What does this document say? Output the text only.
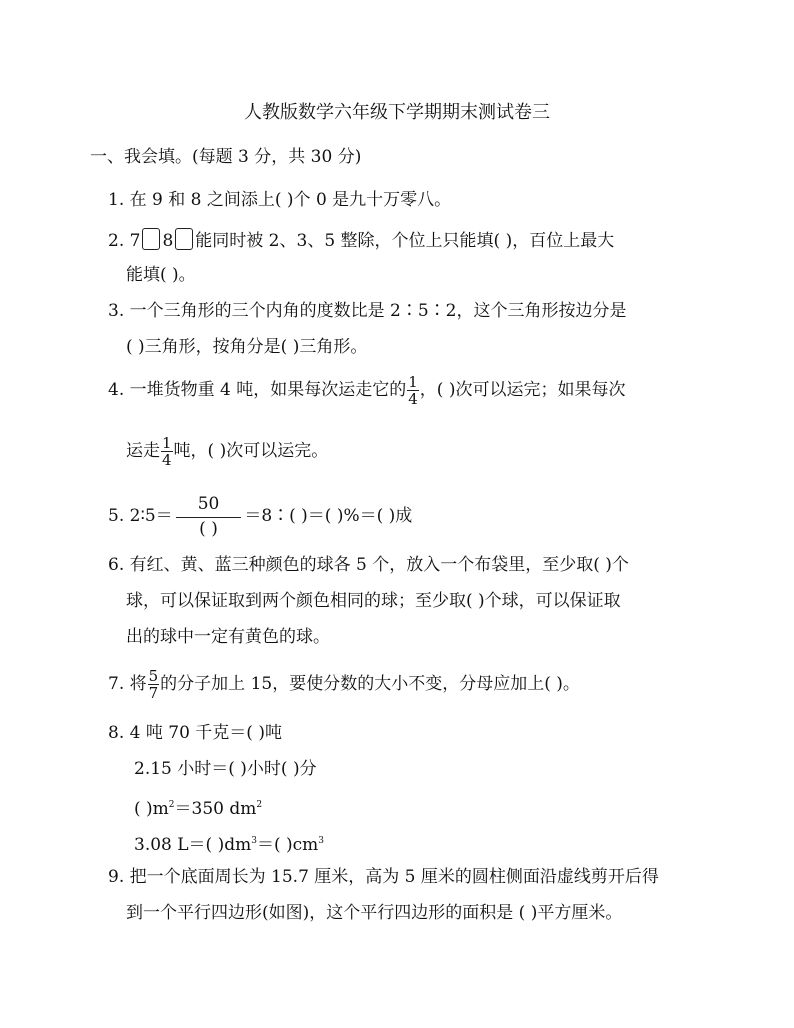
人教版数学六年级下学期期末测试卷三
一、我会填。(每题 3 分，共 30 分)
1. 在 9 和 8 之间添上( )个 0 是九十万零八。
2. 7 8 能同时被 2、3、5 整除，个位上只能填( )，百位上最大
能填( )。
3. 一个三角形的三个内角的度数比是 2∶5∶2，这个三角形按边分是
( )三角形，按角分是( )三角形。
4. 一堆货物重 4 吨，如果每次运走它的 $\frac{1}{4}$ ，( )次可以运完；如果每次
运走 $\frac{1}{4}$ 吨，( )次可以运完。
5. 2∶5＝
50
( )
＝8∶( )＝( )%＝( )成
6. 有红、黄、蓝三种颜色的球各 5 个，放入一个布袋里，至少取( )个
球，可以保证取到两个颜色相同的球；至少取( )个球，可以保证取
出的球中一定有黄色的球。
7. 将 $\frac{5}{7}$ 的分子加上 15，要使分数的大小不变，分母应加上( )。
8. 4 吨 70 千克＝( )吨
2.15 小时＝( )小时( )分
( )$m^2=350$ $dm^2$
3.08 L＝( )$dm^3=$( )$cm^3$
9. 把一个底面周长为 15.7 厘米，高为 5 厘米的圆柱侧面沿虚线剪开后得
到一个平行四边形(如图)，这个平行四边形的面积是 ( )平方厘米。
